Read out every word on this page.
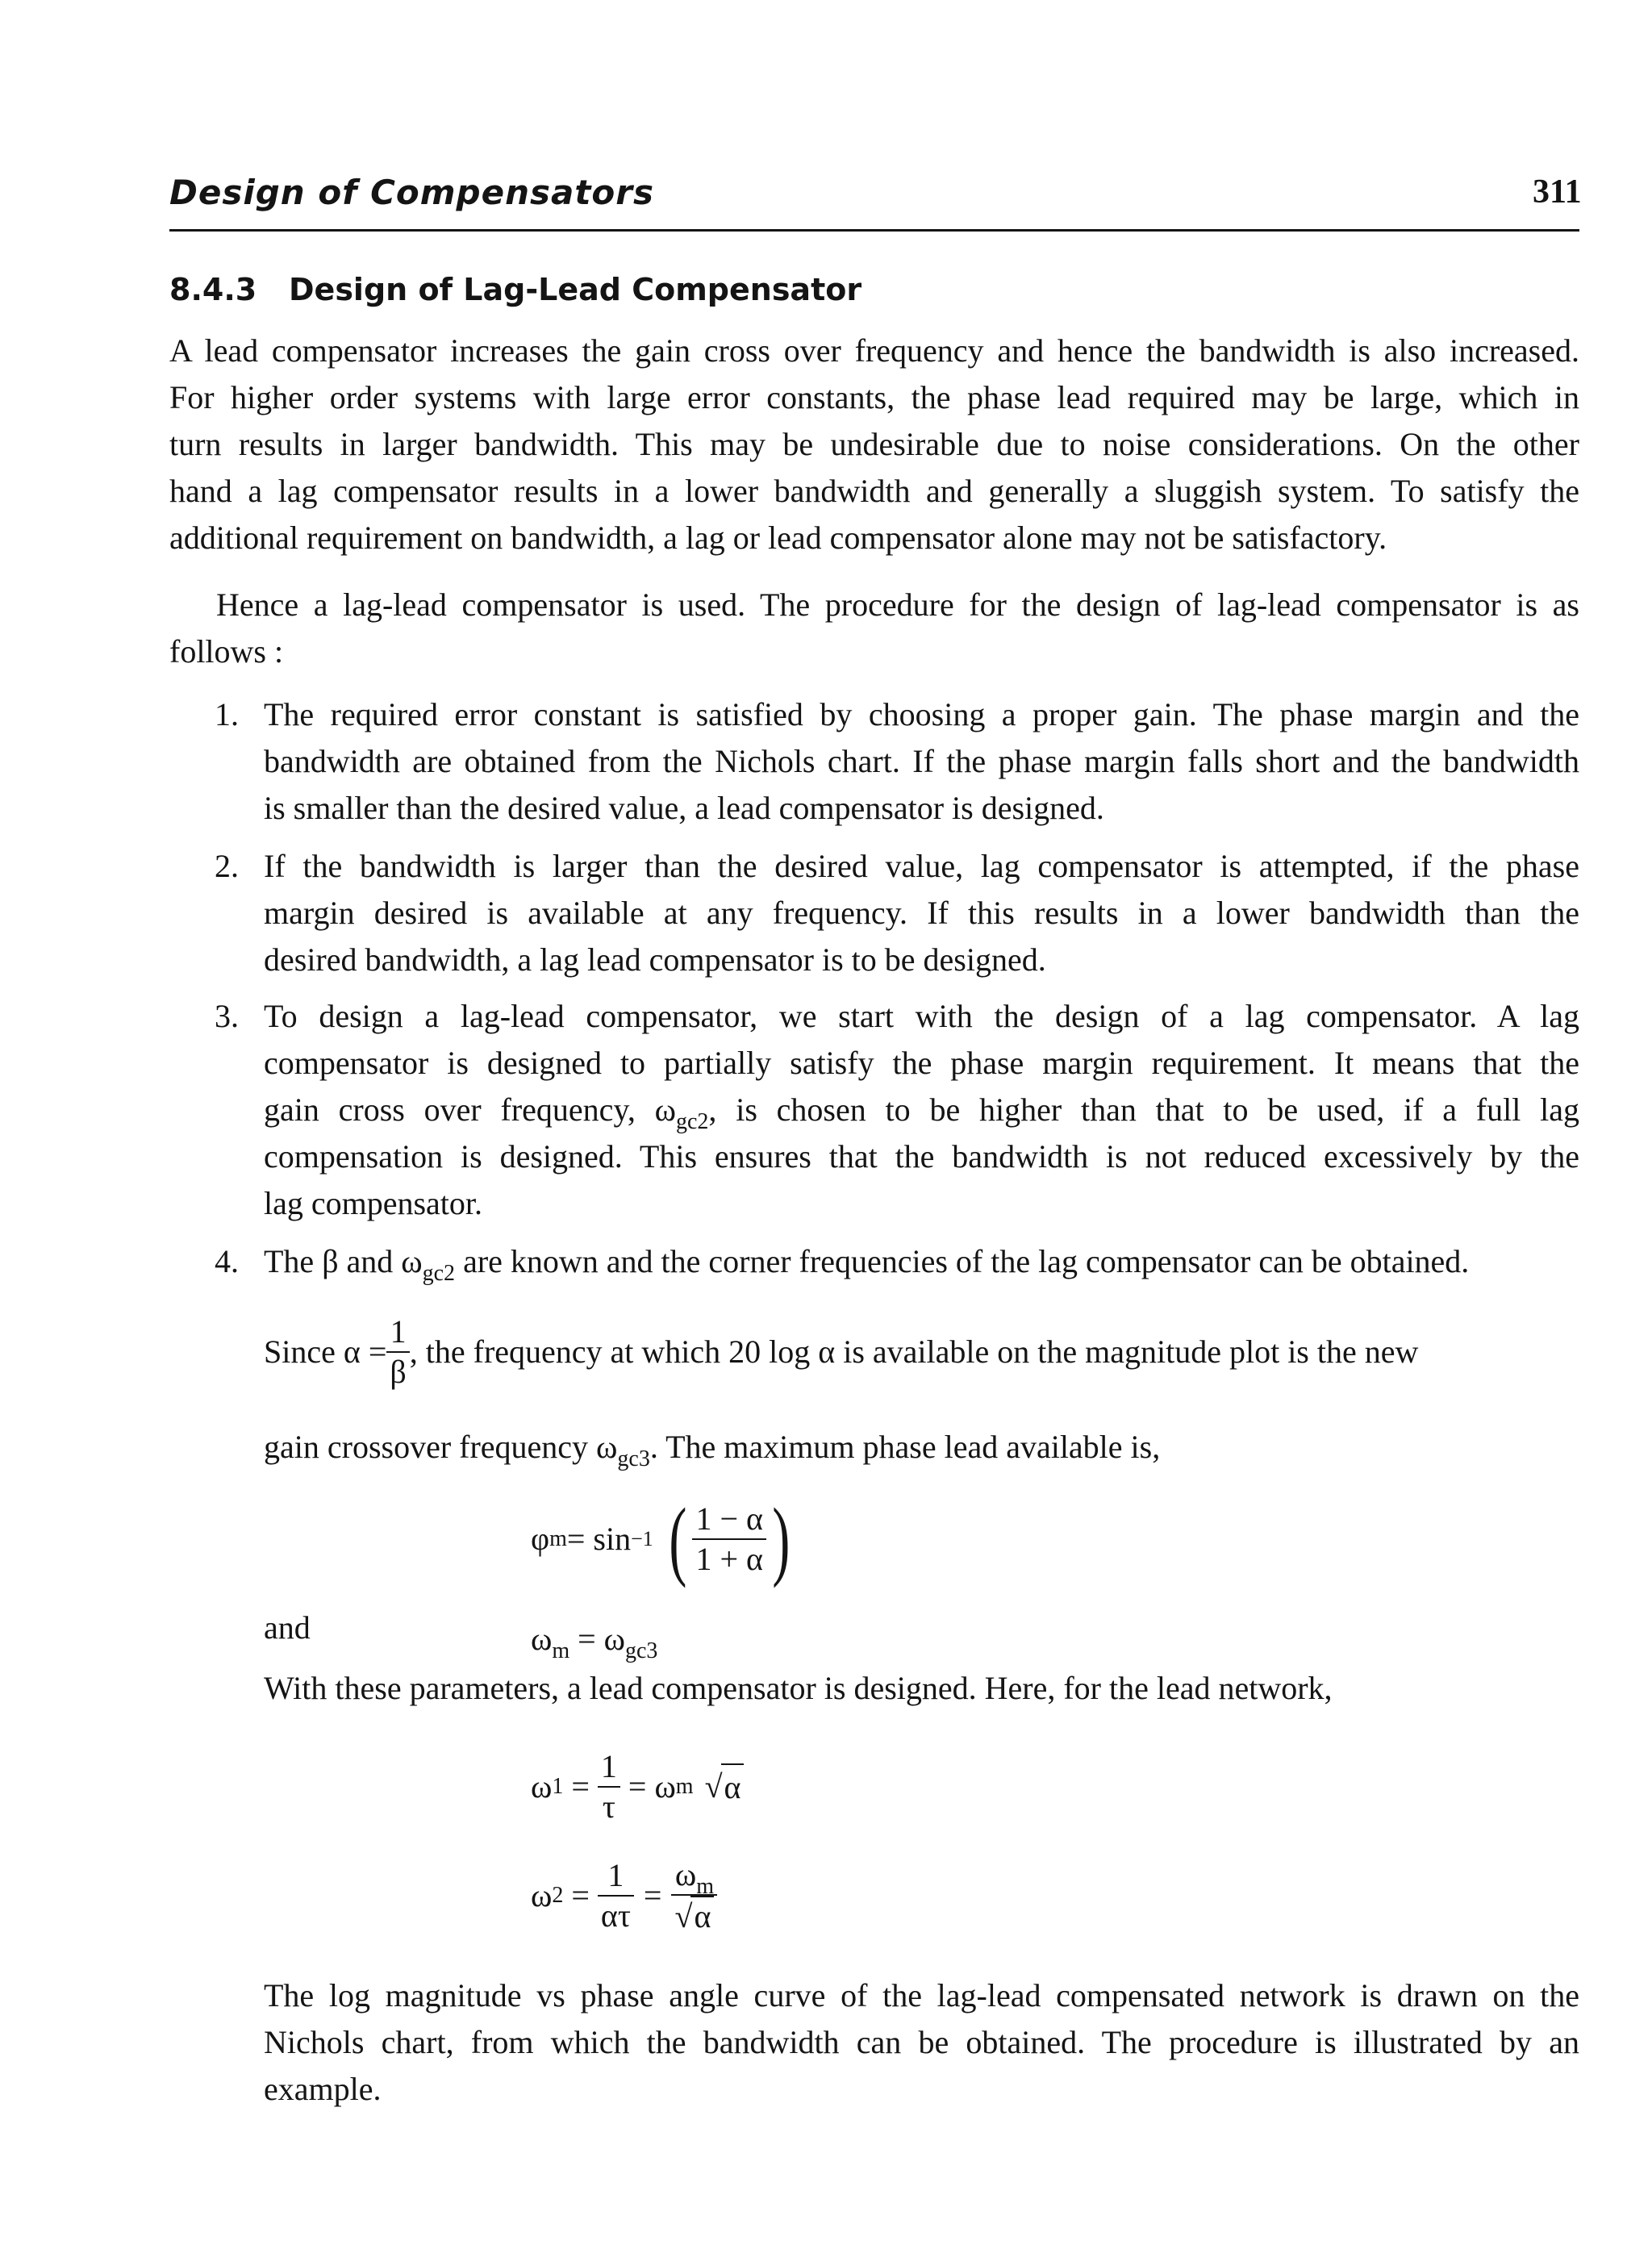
Design of Compensators	311
8.4.3 Design of Lag-Lead Compensator
A lead compensator increases the gain cross over frequency and hence the bandwidth is also increased.
For higher order systems with large error constants, the phase lead required may be large, which in
turn results in larger bandwidth. This may be undesirable due to noise considerations. On the other
hand a lag compensator results in a lower bandwidth and generally a sluggish system. To satisfy the
additional requirement on bandwidth, a lag or lead compensator alone may not be satisfactory.
Hence a lag-lead compensator is used. The procedure for the design of lag-lead compensator is as
follows :
1. The required error constant is satisfied by choosing a proper gain. The phase margin and the
bandwidth are obtained from the Nichols chart. If the phase margin falls short and the bandwidth
is smaller than the desired value, a lead compensator is designed.
2. If the bandwidth is larger than the desired value, lag compensator is attempted, if the phase
margin desired is available at any frequency. If this results in a lower bandwidth than the
desired bandwidth, a lag lead compensator is to be designed.
3. To design a lag-lead compensator, we start with the design of a lag compensator. A lag
compensator is designed to partially satisfy the phase margin requirement. It means that the
gain cross over frequency, $\omega_{gc2}$, is chosen to be higher than that to be used, if a full lag
compensation is designed. This ensures that the bandwidth is not reduced excessively by the
lag compensator.
4. The β and $\omega_{gc2}$ are known and the corner frequencies of the lag compensator can be obtained.
Since $\alpha = \frac{1}{\beta}$ , the frequency at which 20 log α is available on the magnitude plot is the new
gain crossover frequency $\omega_{gc3}$. The maximum phase lead available is,
φ m = sin −1 ( $\frac{1 - \alpha}{1 + \alpha}$ )
and	$\omega_m = \omega_{gc3}$
With these parameters, a lead compensator is designed. Here, for the lead network,
ω $1 = \frac{1}{\tau} = \omega$ m √ α
ω $2 = \frac{1}{\alpha\tau} = \frac{\omega_m}{√\alpha}$
The log magnitude vs phase angle curve of the lag-lead compensated network is drawn on the
Nichols chart, from which the bandwidth can be obtained. The procedure is illustrated by an
example.
